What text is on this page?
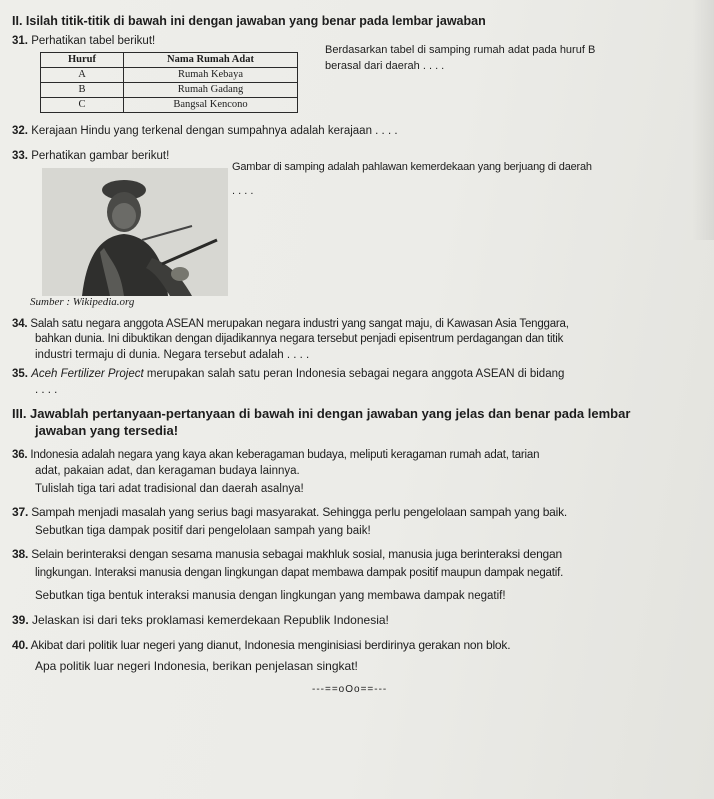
II. Isilah titik-titik di bawah ini dengan jawaban yang benar pada lembar jawaban

31. Perhatikan tabel berikut!

Huruf	Nama Rumah Adat
A	Rumah Kebaya
B	Rumah Gadang
C	Bangsal Kencono

Berdasarkan tabel di samping rumah adat pada huruf B

berasal dari daerah . . . .

32. Kerajaan Hindu yang terkenal dengan sumpahnya adalah kerajaan . . . .

33. Perhatikan gambar berikut!

Gambar di samping adalah pahlawan kemerdekaan yang berjuang di daerah

. . . .

Sumber : Wikipedia.org

34. Salah satu negara anggota ASEAN merupakan negara industri yang sangat maju, di Kawasan Asia Tenggara,

bahkan dunia. Ini dibuktikan dengan dijadikannya negara tersebut penjadi episentrum perdagangan dan titik

industri termaju di dunia. Negara tersebut adalah . . . .

35. Aceh Fertilizer Project merupakan salah satu peran Indonesia sebagai negara anggota ASEAN di bidang

. . . .

III. Jawablah pertanyaan-pertanyaan di bawah ini dengan jawaban yang jelas dan benar pada lembar

jawaban yang tersedia!

36. Indonesia adalah negara yang kaya akan keberagaman budaya, meliputi keragaman rumah adat, tarian

adat, pakaian adat, dan keragaman budaya lainnya.

Tulislah tiga tari adat tradisional dan daerah asalnya!

37. Sampah menjadi masalah yang serius bagi masyarakat. Sehingga perlu pengelolaan sampah yang baik.

Sebutkan tiga dampak positif dari pengelolaan sampah yang baik!

38. Selain berinteraksi dengan sesama manusia sebagai makhluk sosial, manusia juga berinteraksi dengan

lingkungan. Interaksi manusia dengan lingkungan dapat membawa dampak positif maupun dampak negatif.

Sebutkan tiga bentuk interaksi manusia dengan lingkungan yang membawa dampak negatif!

39. Jelaskan isi dari teks proklamasi kemerdekaan Republik Indonesia!

40. Akibat dari politik luar negeri yang dianut, Indonesia menginisiasi berdirinya gerakan non blok.

Apa politik luar negeri Indonesia, berikan penjelasan singkat!

---==oOo==---
